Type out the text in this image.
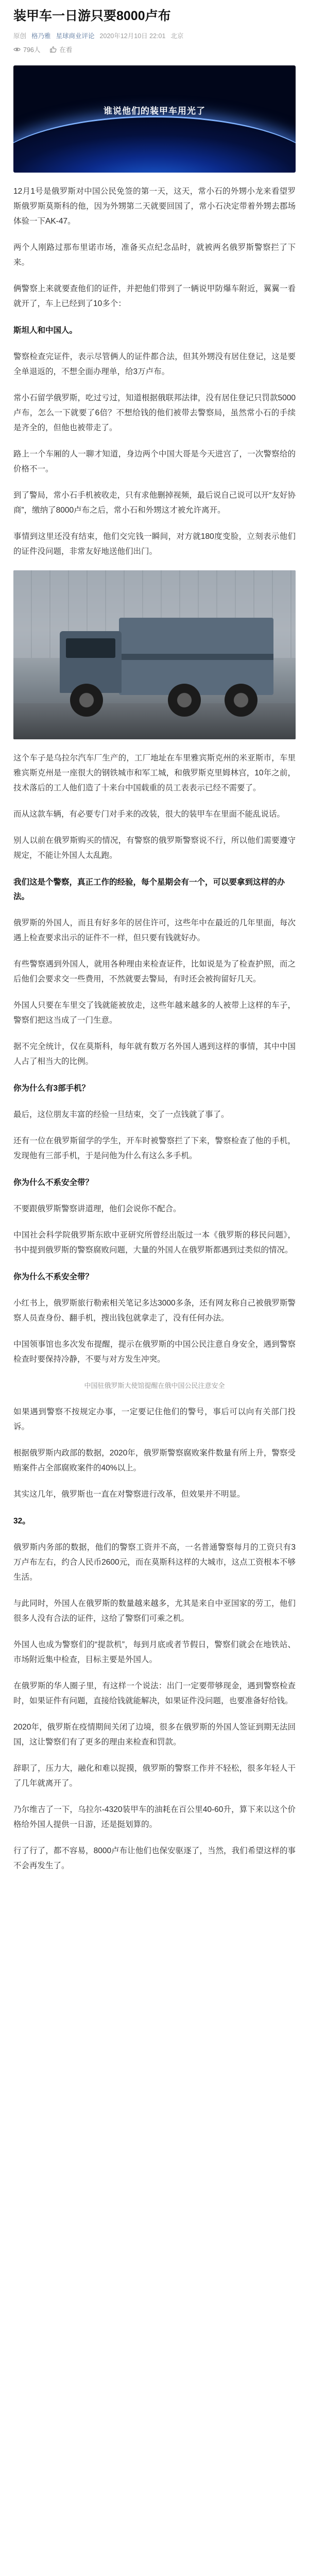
装甲车一日游只要8000卢布
原创 格乃雅 星球商业评论 2020年12月10日 22:01 北京
796人	在看
谁说他们的装甲车用光了

12月1号是俄罗斯对中国公民免签的第一天，这天，常小石的外甥小龙来看望罗斯俄罗斯莫斯科的他，因为外甥第二天就要回国了，常小石决定带着外甥去郡场体验一下AK-47。

两个人刚路过那布里诺市场，准备买点纪念品时，就被两名俄罗斯警察拦了下来。

俩警察上来就要查他们的证件，并把他们带到了一辆说甲防爆车附近，翼翼一看就开了，车上已经到了10多个：

斯坦人和中国人。

警察检查完证件，表示尽管俩人的证件都合法，但其外甥没有居住登记，这是要全单退返的，不想全面办理单，给3万卢布。

常小石留学俄罗斯，吃过亏过，知道根据俄联邦法律，没有居住登记只罚款5000卢布，怎么一下就要了6倍？不想给钱的他们被带去警察局，虽然常小石的手续是齐全的，但他也被带走了。

路上一个车厢的人一聊才知道，身边两个中国大哥是今天进宫了，一次警察给的价格不一。

到了警局，常小石手机被收走，只有求他删掉视频，最后说自己说可以开“友好协商”，缴纳了8000卢布之后，常小石和外甥这才被允许离开。

事情到这里还没有结束，他们交完钱一瞬间，对方就180度变脸，立刻表示他们的证件没问题，非常友好地送他们出门。

这个车子是乌拉尔汽车厂生产的，工厂地址在车里雅宾斯克州的米亚斯市，车里雅宾斯克州是一座很大的钢铁城市和军工城，和俄罗斯克里姆林宫，10年之前，技术落后的工人他们造了十来台中国载重的员工表表示已经不需要了。

而从这款车辆，有必要专门对手来的改装，很大的装甲车在里面不能乱说话。

别人以前在俄罗斯购买的情况，有警察的俄罗斯警察说不行，所以他们需要遵守规定，不能让外国人太乱跑。

我们这是个警察，真正工作的经验，每个星期会有一个，可以要拿到这样的办法。

俄罗斯的外国人，而且有好多年的居住许可，这些年中在最近的几年里面，每次遇上检查要求出示的证件不一样，但只要有钱就好办。

有些警察遇到外国人，就用各种理由来检查证件，比如说是为了检查护照，而之后他们会要求交一些费用，不然就要去警局，有时还会被拘留好几天。

外国人只要在车里交了钱就能被放走，这些年越来越多的人被带上这样的车子，警察们把这当成了一门生意。

据不完全统计，仅在莫斯科，每年就有数万名外国人遇到这样的事情，其中中国人占了相当大的比例。

你为什么有3部手机？

最后，这位朋友丰富的经验一旦结束，交了一点钱就了事了。

还有一位在俄罗斯留学的学生，开车时被警察拦了下来，警察检查了他的手机，发现他有三部手机，于是问他为什么有这么多手机。

你为什么不系安全带？

不要跟俄罗斯警察讲道理，他们会说你不配合。

中国社会科学院俄罗斯东欧中亚研究所曾经出版过一本《俄罗斯的移民问题》，书中提到俄罗斯的警察腐败问题，大量的外国人在俄罗斯都遇到过类似的情况。

你为什么不系安全带？

小红书上，俄罗斯旅行勒索相关笔记多达3000多条，还有网友称自己被俄罗斯警察人员查身份、翻手机，搜出钱包就拿走了，没有任何办法。

中国领事馆也多次发布提醒，提示在俄罗斯的中国公民注意自身安全，遇到警察检查时要保持冷静，不要与对方发生冲突。

中国驻俄罗斯大使馆提醒在俄中国公民注意安全

如果遇到警察不按规定办事，一定要记住他们的警号，事后可以向有关部门投诉。

根据俄罗斯内政部的数据，2020年，俄罗斯警察腐败案件数量有所上升，警察受贿案件占全部腐败案件的40%以上。

其实这几年，俄罗斯也一直在对警察进行改革，但效果并不明显。

32。

俄罗斯内务部的数据，他们的警察工资并不高，一名普通警察每月的工资只有3万卢布左右，约合人民币2600元，而在莫斯科这样的大城市，这点工资根本不够生活。

与此同时，外国人在俄罗斯的数量越来越多，尤其是来自中亚国家的劳工，他们很多人没有合法的证件，这给了警察们可乘之机。

外国人也成为警察们的“提款机”，每到月底或者节假日，警察们就会在地铁站、市场附近集中检查，目标主要是外国人。

在俄罗斯的华人圈子里，有这样一个说法：出门一定要带够现金，遇到警察检查时，如果证件有问题，直接给钱就能解决，如果证件没问题，也要准备好给钱。

2020年，俄罗斯在疫情期间关闭了边境，很多在俄罗斯的外国人签证到期无法回国，这让警察们有了更多的理由来检查和罚款。

辞职了，压力大，融化和难以捉摸，俄罗斯的警察工作并不轻松，很多年轻人干了几年就离开了。

乃尔维吉了一下，乌拉尔-4320装甲车的油耗在百公里40-60升，算下来以这个价格给外国人提供一日游，还是挺划算的。

行了行了，都不容易，8000卢布让他们也保安驱逐了，当然，我们希望这样的事不会再发生了。
